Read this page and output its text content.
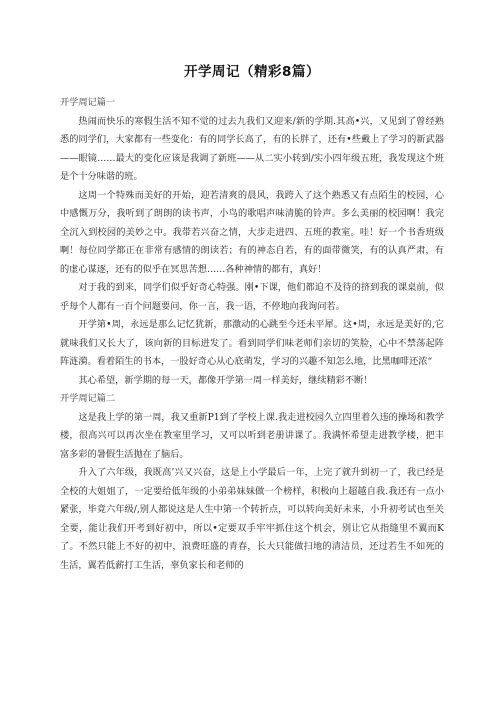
开学周记（精彩8篇）

开学周记篇一

热闹而快乐的寒假生活不知不觉的过去九我们又迎来/新的学期.其高•兴，又见到了曾经熟悉的同学们，大家都有一些变化：有的同学长高了，有的长胖了，还有•些戴上了学习的新武器——眼镜……最大的变化应该是我调了新班——从二实小转到/实小四年级五班，我发现这个班是个十分味谐的班。

这周一个特殊而美好的开始，迎若清爽的晨风，我跨入了这个熟悉又有点陌生的校园，心中感慨万分，我听到了朗朗的读书声，小鸟的歌唱声味清脆的铃声。多么美丽的校园啊！我完全沉入到校园的美妙之中。我带若兴奋之情，大步走进四、五班的教室。哇！好一个书香班级啊！每位同学都正在非常有感情的朗读若；有的神态自若，有的面带微笑，有的认真严肃，有的虚心谋逐，还有的似乎在冥思苦想……各种神情的都有，真好！

对于我的到来，同学们似乎好奇心特强。刚•下课，他们都迫不及待的挤到我的课桌前，似乎每个人都有一百个问题要问，你一言，我一语，不停地向我询问若。

开学第•周，永远是那么记忆犹新，那激动的心跳至今还未平犀。这•周，永远是美好的,它就味我们又长大了，该向新的目标进发了。看到同学们味老师们亲切的笑脸，心中不禁荡起阵阵涟漪。看着陌生的书本，一股好奇心从心底萌发，学习的兴趣不知怎么地，比黑咖啡还浓“

其心希望，新学期的每一天，都像开学第一周一样美好，继续精彩不断！

开学周记篇二

这是我上学的第一周，我又重新P1到了学校上课.我走进校园久立四里着久违的操场和教学楼，很高兴可以再次坐在教室里学习，又可以听到老册讲课了。我满怀希望走进教学楼，把丰富多彩的暑假生活抛在了脑后。

升入了六年级，我既高’兴又兴奋，这是上小学最后一年，上完了就升到初一了，我已经是全校的大姐姐了，一定要给低年级的小弟弟妹妹做一个榜样，积极向上超越自我.我还有一点小紧张，毕竟六年级/,别人都说这是人生中第一个转折点，可以转向美好未来，小升初考试也至关全要，能让我们开考到好初中，所以•定要双手牢牢抓住这个机会，别让它从指缝里不翼而K了。不然只能上不好的初中，浪费旺盛的青春，长大只能做扫地的清洁员，还过若生不如死的生活，翼若低薪打工生活，辜负家长和老师的
